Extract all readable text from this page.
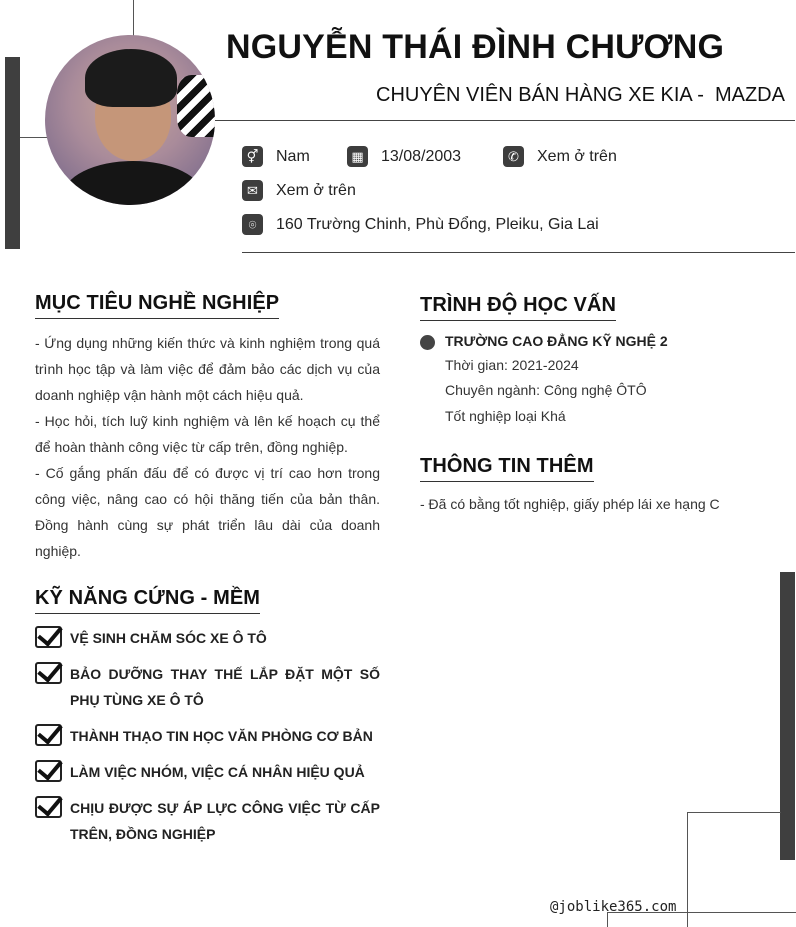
NGUYỄN THÁI ĐÌNH CHƯƠNG
CHUYÊN VIÊN BÁN HÀNG XE KIA -  MAZDA
⚥ Nam	▦ 13/08/2003	✆	Xem ở trên
✉	Xem ở trên
⌾	160 Trường Chinh, Phù Đổng, Pleiku, Gia Lai
MỤC TIÊU NGHỀ NGHIỆP

- Ứng dụng những kiến thức và kinh nghiệm trong quá trình học tập và làm việc để đảm bảo các dịch vụ của doanh nghiệp vận hành một cách hiệu quả.

- Học hỏi, tích luỹ kinh nghiệm và lên kế hoạch cụ thể để hoàn thành công việc từ cấp trên, đồng nghiệp.

- Cố gắng phấn đấu để có được vị trí cao hơn trong công việc, nâng cao có hội thăng tiến của bản thân. Đồng hành cùng sự phát triển lâu dài của doanh nghiệp.

KỸ NĂNG CỨNG - MỀM
VỆ SINH CHĂM SÓC XE Ô TÔ
BẢO DƯỠNG THAY THẾ LẮP ĐẶT MỘT SỐ PHỤ TÙNG XE Ô TÔ
THÀNH THẠO TIN HỌC VĂN PHÒNG CƠ BẢN
LÀM VIỆC NHÓM, VIỆC CÁ NHÂN HIỆU QUẢ
CHỊU ĐƯỢC SỰ ÁP LỰC CÔNG VIỆC TỪ CẤP TRÊN, ĐỒNG NGHIỆP
TRÌNH ĐỘ HỌC VẤN
TRƯỜNG CAO ĐẲNG KỸ NGHỆ 2
Thời gian: 2021-2024
Chuyên ngành: Công nghệ ÔTÔ
Tốt nghiệp loại Khá
THÔNG TIN THÊM
- Đã có bằng tốt nghiệp, giấy phép lái xe hạng C
@joblike365.com
